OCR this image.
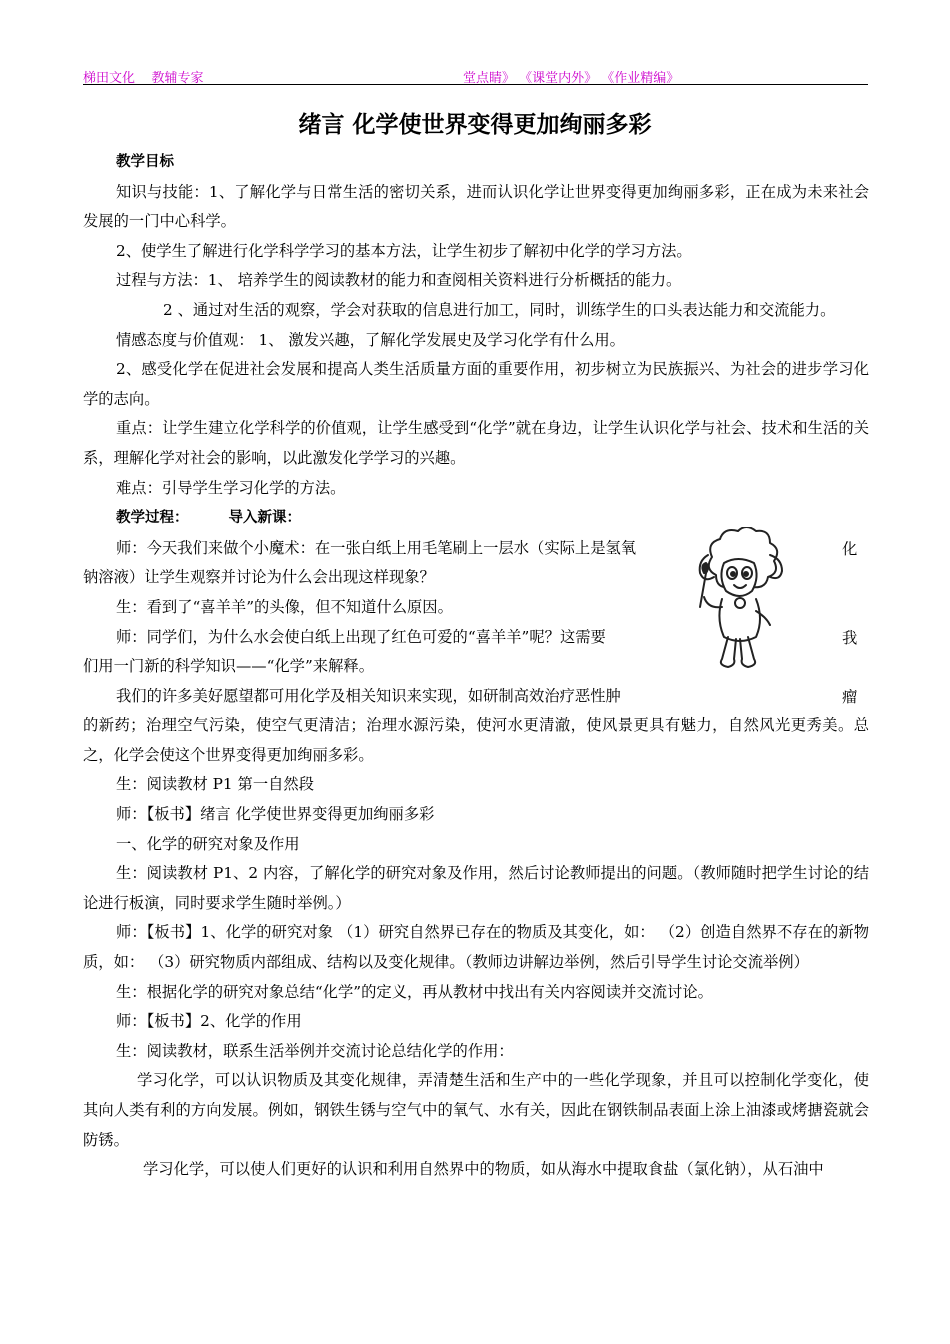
梯田文化    教辅专家	堂点睛》 《课堂内外》 《作业精编》
绪言 化学使世界变得更加绚丽多彩

教学目标

知识与技能：1、了解化学与日常生活的密切关系，进而认识化学让世界变得更加绚丽多彩，正在成为未来社会发展的一门中心科学。

2、使学生了解进行化学科学学习的基本方法，让学生初步了解初中化学的学习方法。

过程与方法：1、 培养学生的阅读教材的能力和查阅相关资料进行分析概括的能力。

2 、通过对生活的观察，学会对获取的信息进行加工，同时，训练学生的口头表达能力和交流能力。

情感态度与价值观： 1、 激发兴趣，了解化学发展史及学习化学有什么用。

2、感受化学在促进社会发展和提高人类生活质量方面的重要作用，初步树立为民族振兴、为社会的进步学习化学的志向。

重点：让学生建立化学科学的价值观，让学生感受到“化学”就在身边，让学生认识化学与社会、技术和生活的关系，理解化学对社会的影响，以此激发化学学习的兴趣。

难点：引导学生学习化学的方法。

教学过程：	导入新课：

师：今天我们来做个小魔术：在一张白纸上用毛笔刷上一层水（实际上是氢氧

钠溶液）让学生观察并讨论为什么会出现这样现象？

生：看到了“喜羊羊”的头像，但不知道什么原因。

师：同学们，为什么水会使白纸上出现了红色可爱的“喜羊羊”呢？这需要

们用一门新的科学知识——“化学”来解释。

我们的许多美好愿望都可用化学及相关知识来实现，如研制高效治疗恶性肿

的新药；治理空气污染，使空气更清洁；治理水源污染，使河水更清澈，使风景更具有魅力，自然风光更秀美。总之，化学会使这个世界变得更加绚丽多彩。

生：阅读教材 P1 第一自然段

师：【板书】绪言 化学使世界变得更加绚丽多彩

一、化学的研究对象及作用

生：阅读教材 P1、2 内容，了解化学的研究对象及作用，然后讨论教师提出的问题。（教师随时把学生讨论的结论进行板演，同时要求学生随时举例。）

师：【板书】1、化学的研究对象 （1）研究自然界已存在的物质及其变化，如： （2）创造自然界不存在的新物质，如： （3）研究物质内部组成、结构以及变化规律。（教师边讲解边举例，然后引导学生讨论交流举例）

生：根据化学的研究对象总结“化学”的定义，再从教材中找出有关内容阅读并交流讨论。

师：【板书】2、化学的作用

生：阅读教材，联系生活举例并交流讨论总结化学的作用：

学习化学，可以认识物质及其变化规律，弄清楚生活和生产中的一些化学现象，并且可以控制化学变化，使其向人类有利的方向发展。例如，钢铁生锈与空气中的氧气、水有关，因此在钢铁制品表面上涂上油漆或烤搪瓷就会防锈。

学习化学，可以使人们更好的认识和利用自然界中的物质，如从海水中提取食盐（氯化钠），从石油中

化
我
瘤
